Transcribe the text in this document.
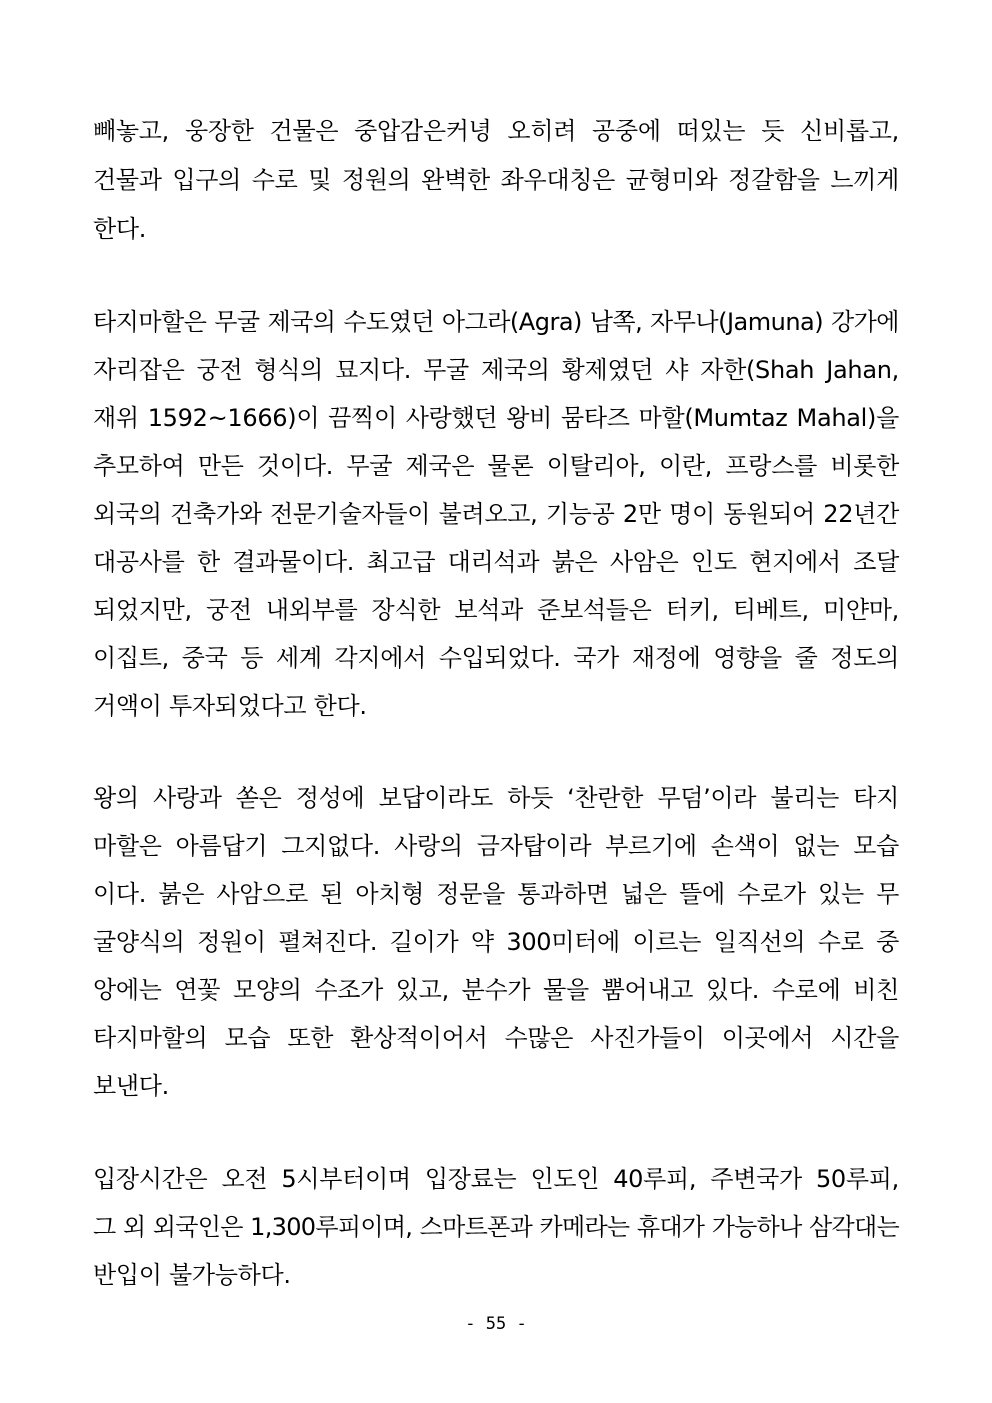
빼놓고, 웅장한 건물은 중압감은커녕 오히려 공중에 떠있는 듯 신비롭고,
건물과 입구의 수로 및 정원의 완벽한 좌우대칭은 균형미와 정갈함을 느끼게
한다.
타지마할은 무굴 제국의 수도였던 아그라(Agra) 남쪽, 자무나(Jamuna) 강가에
자리잡은 궁전 형식의 묘지다. 무굴 제국의 황제였던 샤 자한(Shah Jahan,
재위 1592~1666)이 끔찍이 사랑했던 왕비 뭄타즈 마할(Mumtaz Mahal)을
추모하여 만든 것이다. 무굴 제국은 물론 이탈리아, 이란, 프랑스를 비롯한
외국의 건축가와 전문기술자들이 불려오고, 기능공 2만 명이 동원되어 22년간
대공사를 한 결과물이다. 최고급 대리석과 붉은 사암은 인도 현지에서 조달
되었지만, 궁전 내외부를 장식한 보석과 준보석들은 터키, 티베트, 미얀마,
이집트, 중국 등 세계 각지에서 수입되었다. 국가 재정에 영향을 줄 정도의
거액이 투자되었다고 한다.
왕의 사랑과 쏟은 정성에 보답이라도 하듯 ‘찬란한 무덤’이라 불리는 타지
마할은 아름답기 그지없다. 사랑의 금자탑이라 부르기에 손색이 없는 모습
이다. 붉은 사암으로 된 아치형 정문을 통과하면 넓은 뜰에 수로가 있는 무
굴양식의 정원이 펼쳐진다. 길이가 약 300미터에 이르는 일직선의 수로 중
앙에는 연꽃 모양의 수조가 있고, 분수가 물을 뿜어내고 있다. 수로에 비친
타지마할의 모습 또한 환상적이어서 수많은 사진가들이 이곳에서 시간을
보낸다.
입장시간은 오전 5시부터이며 입장료는 인도인 40루피, 주변국가 50루피,
그 외 외국인은 1,300루피이며, 스마트폰과 카메라는 휴대가 가능하나 삼각대는
반입이 불가능하다.
- 55 -
